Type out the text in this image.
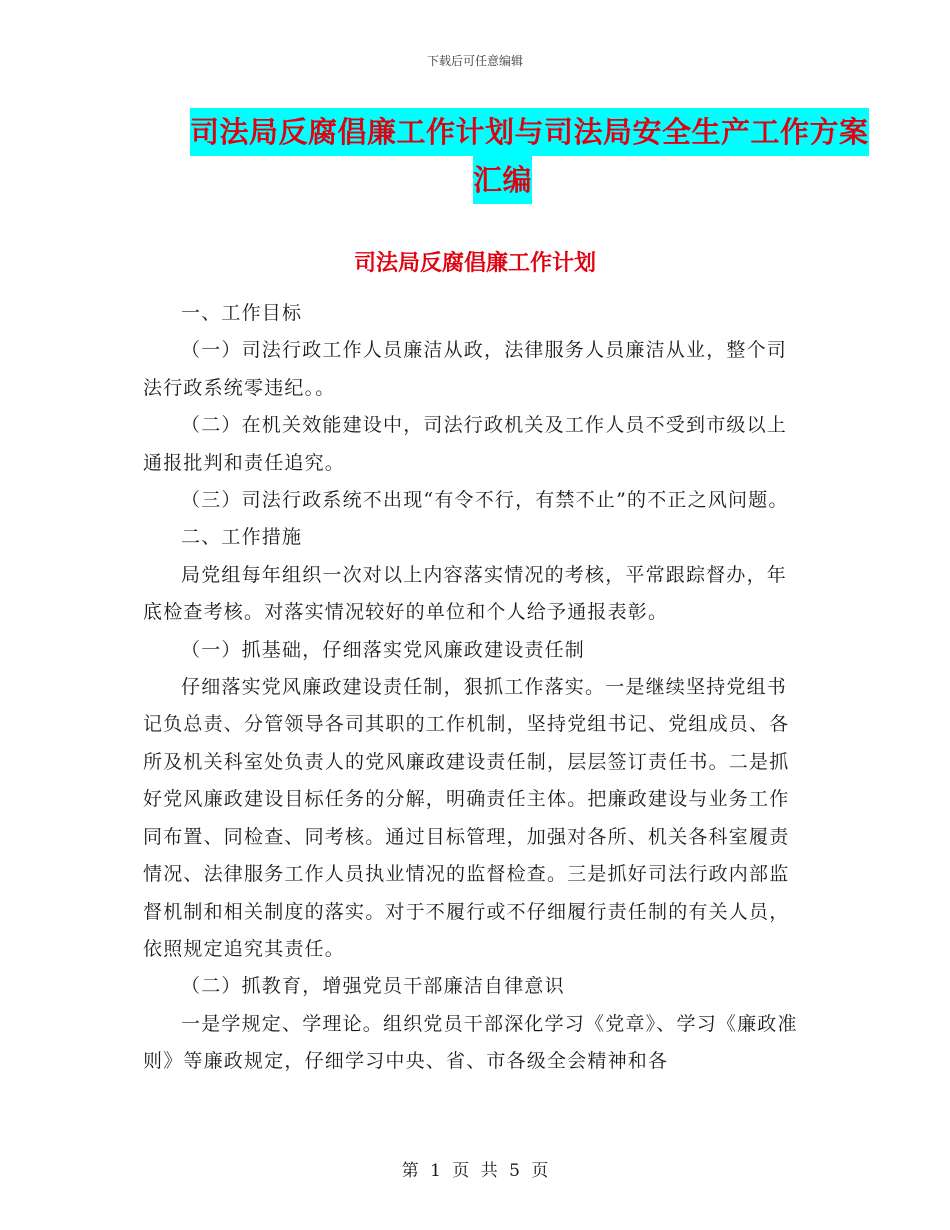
下载后可任意编辑
司法局反腐倡廉工作计划与司法局安全生产工作方案
汇编
司法局反腐倡廉工作计划

一、工作目标

（一）司法行政工作人员廉洁从政，法律服务人员廉洁从业，整个司法行政系统零违纪。。

（二）在机关效能建设中，司法行政机关及工作人员不受到市级以上通报批判和责任追究。

（三）司法行政系统不出现“有令不行，有禁不止”的不正之风问题。

二、工作措施

局党组每年组织一次对以上内容落实情况的考核，平常跟踪督办，年底检查考核。对落实情况较好的单位和个人给予通报表彰。

（一）抓基础，仔细落实党风廉政建设责任制

仔细落实党风廉政建设责任制，狠抓工作落实。一是继续坚持党组书记负总责、分管领导各司其职的工作机制，坚持党组书记、党组成员、各所及机关科室处负责人的党风廉政建设责任制，层层签订责任书。二是抓好党风廉政建设目标任务的分解，明确责任主体。把廉政建设与业务工作同布置、同检查、同考核。通过目标管理，加强对各所、机关各科室履责情况、法律服务工作人员执业情况的监督检查。三是抓好司法行政内部监督机制和相关制度的落实。对于不履行或不仔细履行责任制的有关人员，依照规定追究其责任。

（二）抓教育，增强党员干部廉洁自律意识

一是学规定、学理论。组织党员干部深化学习《党章》、学习《廉政准则》等廉政规定，仔细学习中央、省、市各级全会精神和各

第 1 页 共 5 页
